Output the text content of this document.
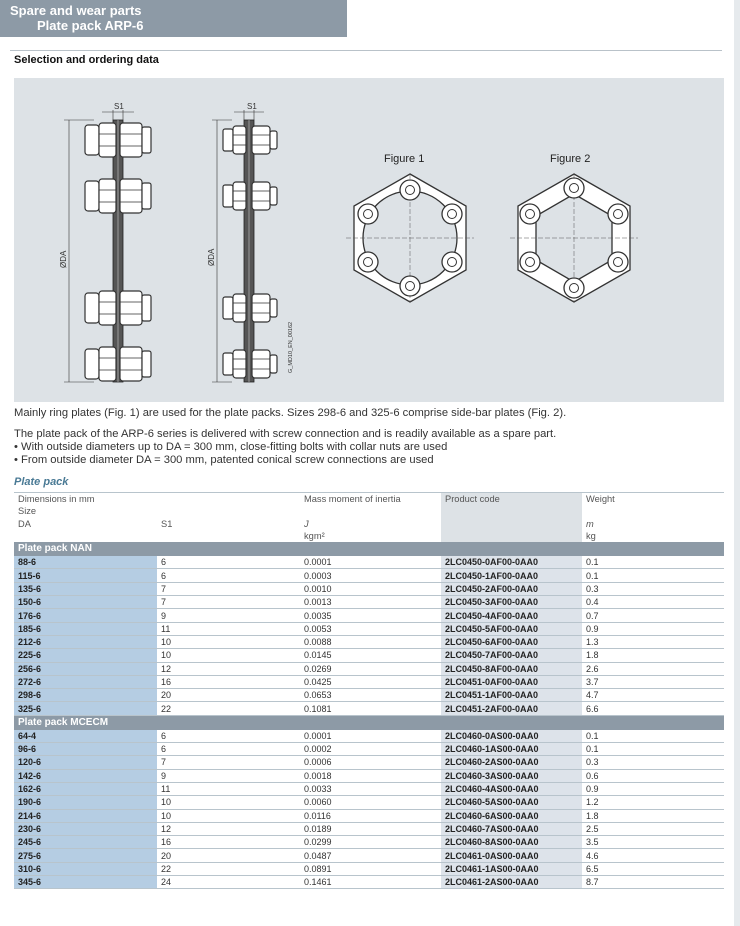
Spare and wear parts
Plate pack ARP-6
Selection and ordering data
S1
ØDA
S1
ØDA
G_MD10_EN_00162
Figure 1	Figure 2
Mainly ring plates (Fig. 1) are used for the plate packs. Sizes 298-6 and 325-6 comprise side-bar plates (Fig. 2).
The plate pack of the ARP-6 series is delivered with screw connection and is readily available as a spare part.
• With outside diameters up to DA = 300 mm, close-fitting bolts with collar nuts are used
• From outside diameter DA = 300 mm, patented conical screw connections are used
Plate pack
Dimensions in mm		Mass moment of inertia	Product code	Weight
Size				
DA	S1	J		m
		kgm²		kg
Plate pack NAN				
88-6	6	0.0001	2LC0450-0AF00-0AA0	0.1
115-6	6	0.0003	2LC0450-1AF00-0AA0	0.1
135-6	7	0.0010	2LC0450-2AF00-0AA0	0.3
150-6	7	0.0013	2LC0450-3AF00-0AA0	0.4
176-6	9	0.0035	2LC0450-4AF00-0AA0	0.7
185-6	11	0.0053	2LC0450-5AF00-0AA0	0.9
212-6	10	0.0088	2LC0450-6AF00-0AA0	1.3
225-6	10	0.0145	2LC0450-7AF00-0AA0	1.8
256-6	12	0.0269	2LC0450-8AF00-0AA0	2.6
272-6	16	0.0425	2LC0451-0AF00-0AA0	3.7
298-6	20	0.0653	2LC0451-1AF00-0AA0	4.7
325-6	22	0.1081	2LC0451-2AF00-0AA0	6.6
Plate pack MCECM				
64-4	6	0.0001	2LC0460-0AS00-0AA0	0.1
96-6	6	0.0002	2LC0460-1AS00-0AA0	0.1
120-6	7	0.0006	2LC0460-2AS00-0AA0	0.3
142-6	9	0.0018	2LC0460-3AS00-0AA0	0.6
162-6	11	0.0033	2LC0460-4AS00-0AA0	0.9
190-6	10	0.0060	2LC0460-5AS00-0AA0	1.2
214-6	10	0.0116	2LC0460-6AS00-0AA0	1.8
230-6	12	0.0189	2LC0460-7AS00-0AA0	2.5
245-6	16	0.0299	2LC0460-8AS00-0AA0	3.5
275-6	20	0.0487	2LC0461-0AS00-0AA0	4.6
310-6	22	0.0891	2LC0461-1AS00-0AA0	6.5
345-6	24	0.1461	2LC0461-2AS00-0AA0	8.7
